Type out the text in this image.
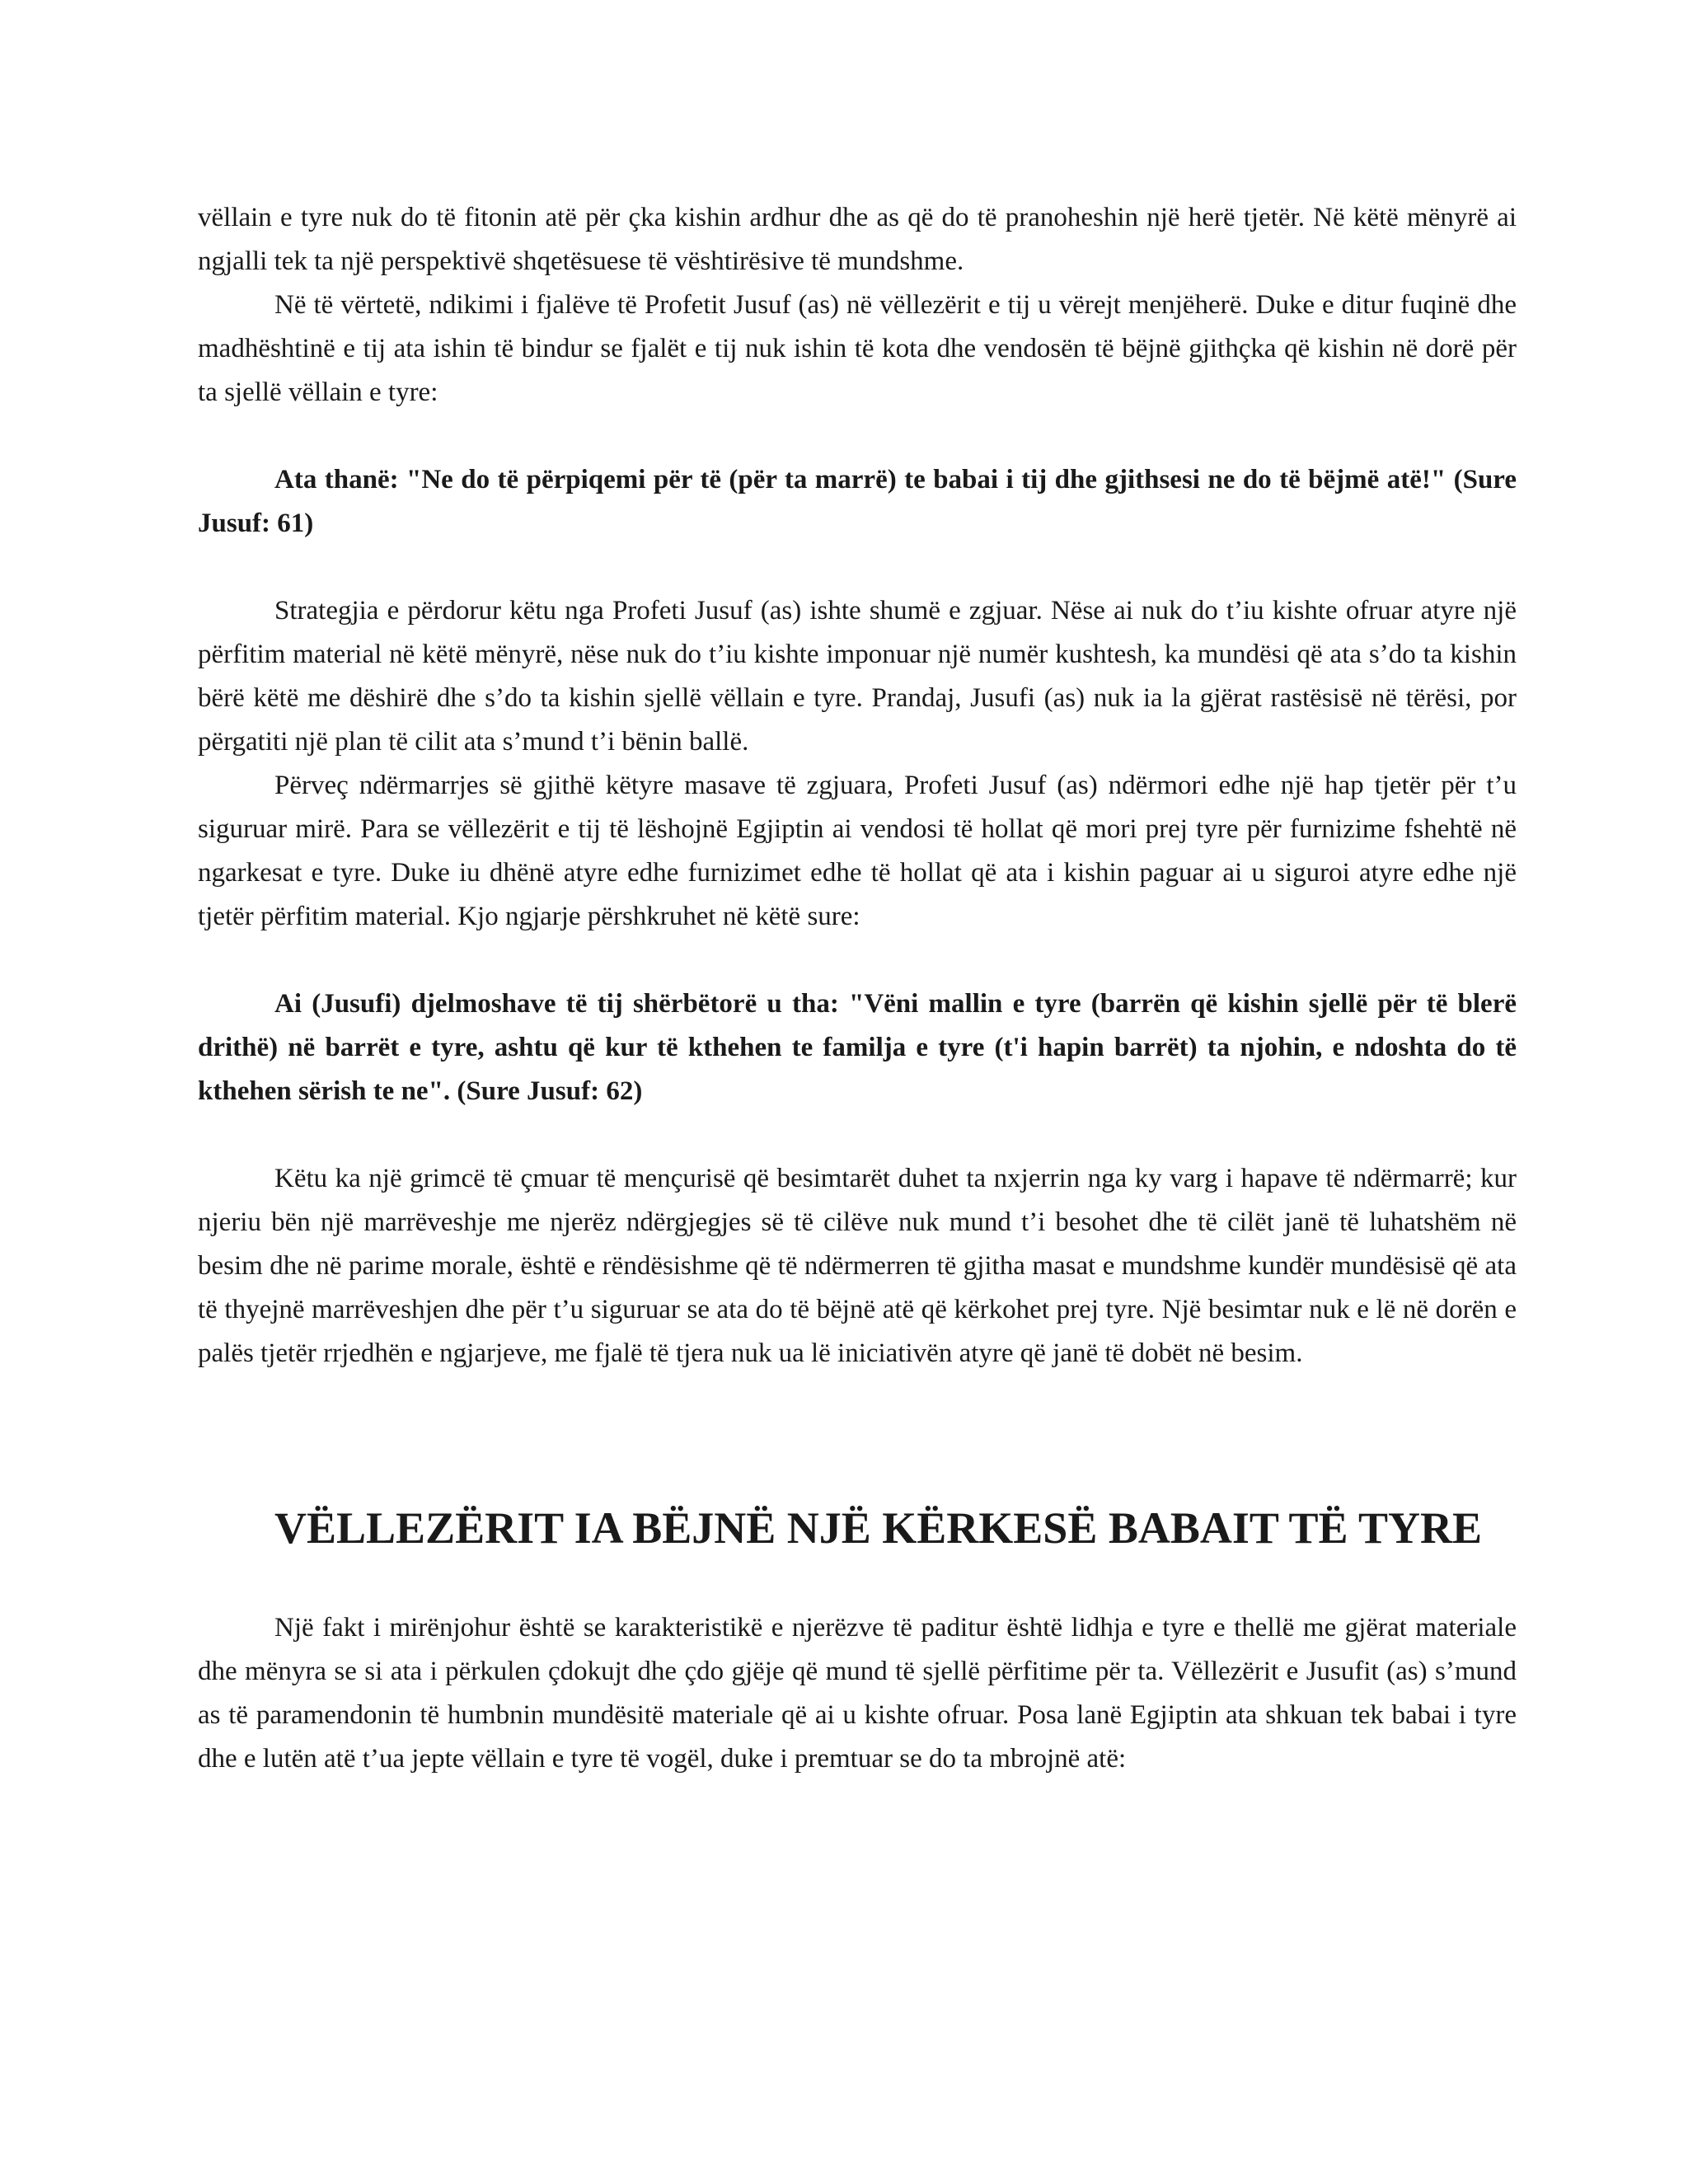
vëllain e tyre nuk do të fitonin atë për çka kishin ardhur dhe as që do të pranoheshin një herë tjetër. Në këtë mënyrë ai ngjalli tek ta një perspektivë shqetësuese të vështirësive të mundshme.

Në të vërtetë, ndikimi i fjalëve të Profetit Jusuf (as) në vëllezërit e tij u vërejt menjëherë. Duke e ditur fuqinë dhe madhështinë e tij ata ishin të bindur se fjalët e tij nuk ishin të kota dhe vendosën të bëjnë gjithçka që kishin në dorë për ta sjellë vëllain e tyre:

Ata thanë: "Ne do të përpiqemi për të (për ta marrë) te babai i tij dhe gjithsesi ne do të bëjmë atë!" (Sure Jusuf: 61)

Strategjia e përdorur këtu nga Profeti Jusuf (as) ishte shumë e zgjuar. Nëse ai nuk do t’iu kishte ofruar atyre një përfitim material në këtë mënyrë, nëse nuk do t’iu kishte imponuar një numër kushtesh, ka mundësi që ata s’do ta kishin bërë këtë me dëshirë dhe s’do ta kishin sjellë vëllain e tyre. Prandaj, Jusufi (as) nuk ia la gjërat rastësisë në tërësi, por përgatiti një plan të cilit ata s’mund t’i bënin ballë.

Përveç ndërmarrjes së gjithë këtyre masave të zgjuara, Profeti Jusuf (as) ndërmori edhe një hap tjetër për t’u siguruar mirë. Para se vëllezërit e tij të lëshojnë Egjiptin ai vendosi të hollat që mori prej tyre për furnizime fshehtë në ngarkesat e tyre. Duke iu dhënë atyre edhe furnizimet edhe të hollat që ata i kishin paguar ai u siguroi atyre edhe një tjetër përfitim material. Kjo ngjarje përshkruhet në këtë sure:

Ai (Jusufi) djelmoshave të tij shërbëtorë u tha: "Vëni mallin e tyre (barrën që kishin sjellë për të blerë drithë) në barrët e tyre, ashtu që kur të kthehen te familja e tyre (t'i hapin barrët) ta njohin, e ndoshta do të kthehen sërish te ne". (Sure Jusuf: 62)

Këtu ka një grimcë të çmuar të mençurisë që besimtarët duhet ta nxjerrin nga ky varg i hapave të ndërmarrë; kur njeriu bën një marrëveshje me njerëz ndërgjegjes së të cilëve nuk mund t’i besohet dhe të cilët janë të luhatshëm në besim dhe në parime morale, është e rëndësishme që të ndërmerren të gjitha masat e mundshme kundër mundësisë që ata të thyejnë marrëveshjen dhe për t’u siguruar se ata do të bëjnë atë që kërkohet prej tyre. Një besimtar nuk e lë në dorën e palës tjetër rrjedhën e ngjarjeve, me fjalë të tjera nuk ua lë iniciativën atyre që janë të dobët në besim.

VËLLEZËRIT IA BËJNË NJË KËRKESË BABAIT TË TYRE

Një fakt i mirënjohur është se karakteristikë e njerëzve të paditur është lidhja e tyre e thellë me gjërat materiale dhe mënyra se si ata i përkulen çdokujt dhe çdo gjëje që mund të sjellë përfitime për ta. Vëllezërit e Jusufit (as) s’mund as të paramendonin të humbnin mundësitë materiale që ai u kishte ofruar. Posa lanë Egjiptin ata shkuan tek babai i tyre dhe e lutën atë t’ua jepte vëllain e tyre të vogël, duke i premtuar se do ta mbrojnë atë:
